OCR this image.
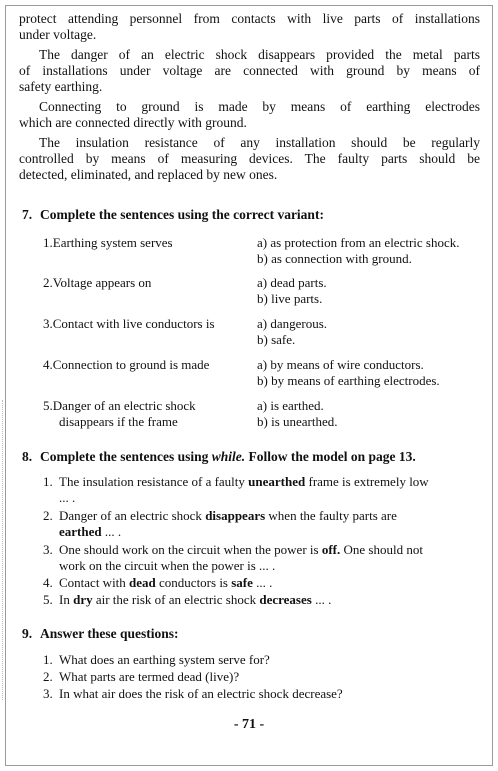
protect attending personnel from contacts with live parts of installations
under voltage.
The danger of an electric shock disappears provided the metal parts
of installations under voltage are connected with ground by means of
safety earthing.
Connecting to ground is made by means of earthing electrodes
which are connected directly with ground.
The insulation resistance of any installation should be regularly
controlled by means of measuring devices. The faulty parts should be
detected, eliminated, and replaced by new ones.
7. Complete the sentences using the correct variant:
1.Earthing system serves	a) as protection from an electric shock.
b) as connection with ground.
2.Voltage appears on	a) dead parts.
b) live parts.
3.Contact with live conductors is	a) dangerous.
b) safe.
4.Connection to ground is made	a) by means of wire conductors.
b) by means of earthing electrodes.
5.Danger of an electric shock
disappears if the frame
a) is earthed.
b) is unearthed.
8. Complete the sentences using while. Follow the model on page 13.
1. The insulation resistance of a faulty unearthed frame is extremely low
... .
2. Danger of an electric shock disappears when the faulty parts are
earthed ... .
3. One should work on the circuit when the power is off. One should not
work on the circuit when the power is ... .
4. Contact with dead conductors is safe ... .
5. In dry air the risk of an electric shock decreases ... .
9. Answer these questions:
1. What does an earthing system serve for?
2. What parts are termed dead (live)?
3. In what air does the risk of an electric shock decrease?
- 71 -
